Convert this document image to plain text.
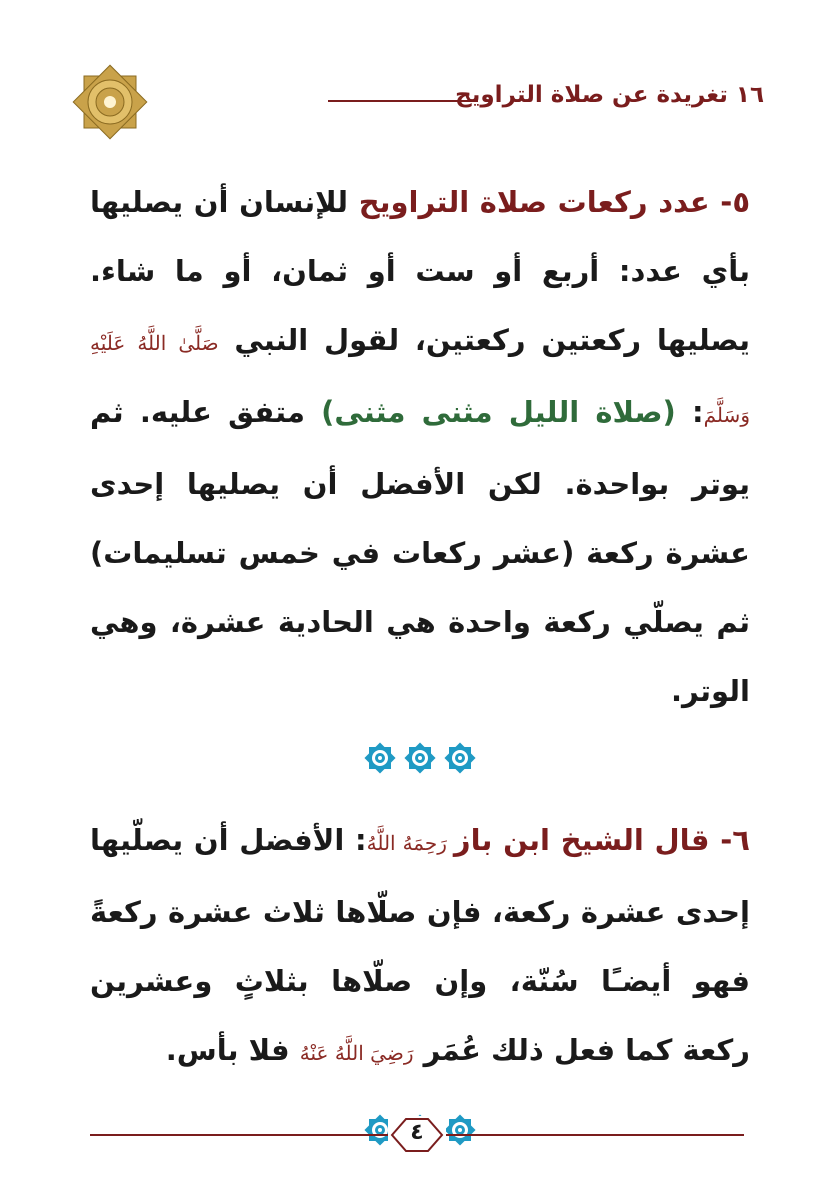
١٦ تغريدة عن صلاة التراويح

٥- عدد ركعات صلاة التراويح للإنسان أن يصليها بأي عدد: أربع أو ست أو ثمان، أو ما شاء. يصليها ركعتين ركعتين، لقول النبي صَلَّىٰ اللَّهُ عَلَيْهِ وَسَلَّمَ: (صلاة الليل مثنى مثنى) متفق عليه. ثم يوتر بواحدة. لكن الأفضل أن يصليها إحدى عشرة ركعة (عشر ركعات في خمس تسليمات) ثم يصلّي ركعة واحدة هي الحادية عشرة، وهي الوتر.

٦- قال الشيخ ابن باز رَحِمَهُ اللَّهُ: الأفضل أن يصلّيها إحدى عشرة ركعة، فإن صلّاها ثلاث عشرة ركعةً فهو أيضـًا سُنّة، وإن صلّاها بثلاثٍ وعشرين ركعة كما فعل ذلك عُمَر رَضِيَ اللَّهُ عَنْهُ فلا بأس.

٤
